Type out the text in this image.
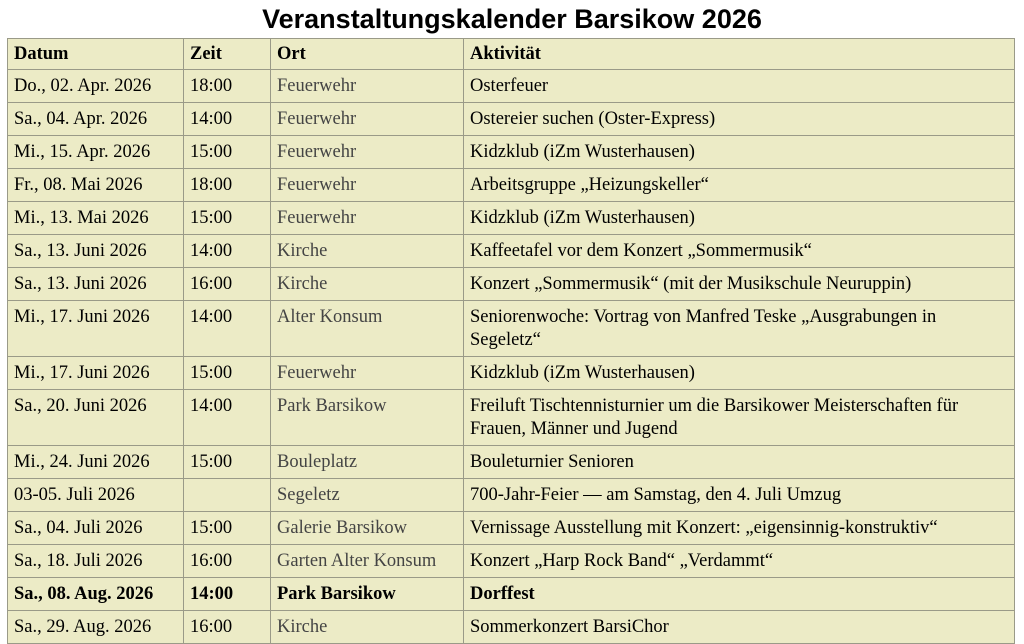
Veranstaltungskalender Barsikow 2026
Datum	Zeit	Ort	Aktivität
Do., 02. Apr. 2026	18:00	Feuerwehr	Osterfeuer
Sa., 04. Apr. 2026	14:00	Feuerwehr	Ostereier suchen (Oster-Express)
Mi., 15. Apr. 2026	15:00	Feuerwehr	Kidzklub (iZm Wusterhausen)
Fr., 08. Mai 2026	18:00	Feuerwehr	Arbeitsgruppe „Heizungskeller“
Mi., 13. Mai 2026	15:00	Feuerwehr	Kidzklub (iZm Wusterhausen)
Sa., 13. Juni 2026	14:00	Kirche	Kaffeetafel vor dem Konzert „Sommermusik“
Sa., 13. Juni 2026	16:00	Kirche	Konzert „Sommermusik“ (mit der Musikschule Neuruppin)
Mi., 17. Juni 2026	14:00	Alter Konsum	Seniorenwoche: Vortrag von Manfred Teske „Ausgrabungen in Segeletz“
Mi., 17. Juni 2026	15:00	Feuerwehr	Kidzklub (iZm Wusterhausen)
Sa., 20. Juni 2026	14:00	Park Barsikow	Freiluft Tischtennisturnier um die Barsikower Meisterschaften für Frauen, Männer und Jugend
Mi., 24. Juni 2026	15:00	Bouleplatz	Bouleturnier Senioren
03-05. Juli 2026		Segeletz	700-Jahr-Feier — am Samstag, den 4. Juli Umzug
Sa., 04. Juli 2026	15:00	Galerie Barsikow	Vernissage Ausstellung mit Konzert: „eigensinnig-konstruktiv“
Sa., 18. Juli 2026	16:00	Garten Alter Konsum	Konzert „Harp Rock Band“ „Verdammt“
Sa., 08. Aug. 2026	14:00	Park Barsikow	Dorffest
Sa., 29. Aug. 2026	16:00	Kirche	Sommerkonzert BarsiChor
